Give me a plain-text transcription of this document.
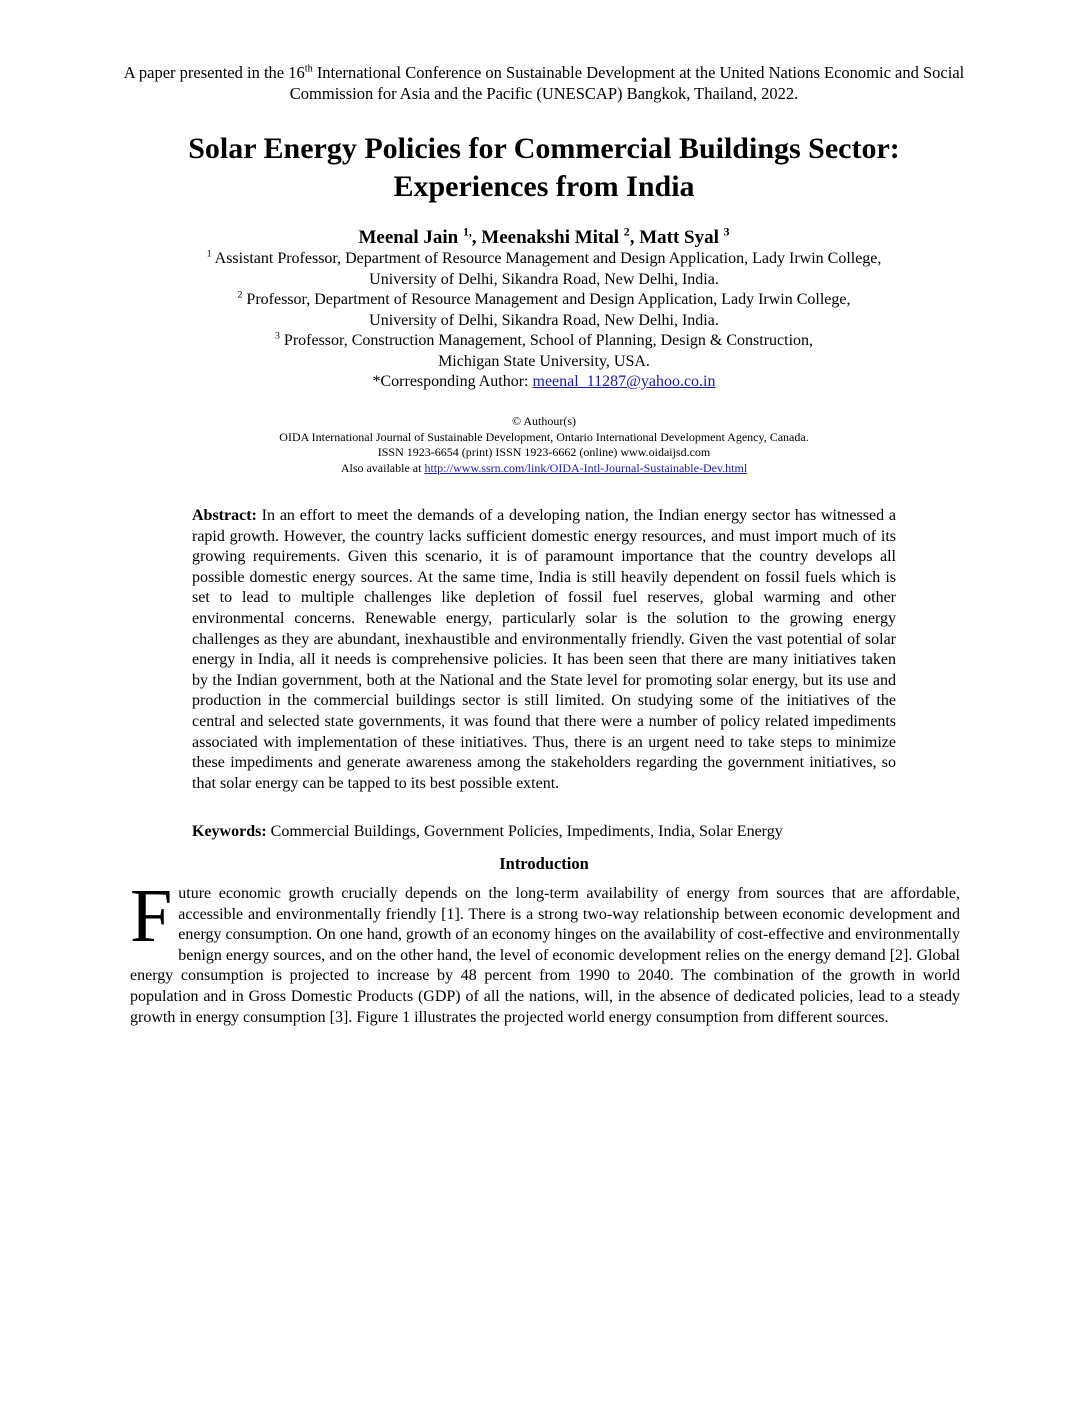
A paper presented in the 16th International Conference on Sustainable Development at the United Nations Economic and Social Commission for Asia and the Pacific (UNESCAP) Bangkok, Thailand, 2022.
Solar Energy Policies for Commercial Buildings Sector:
Experiences from India
Meenal Jain $^{1,}$, Meenakshi Mital $^2$, Matt Syal $^3$

$^1$ Assistant Professor, Department of Resource Management and Design Application, Lady Irwin College,

University of Delhi, Sikandra Road, New Delhi, India.

$^2$ Professor, Department of Resource Management and Design Application, Lady Irwin College,

University of Delhi, Sikandra Road, New Delhi, India.

$^3$ Professor, Construction Management, School of Planning, Design & Construction,

Michigan State University, USA.

*Corresponding Author: meenal_11287@yahoo.co.in

© Authour(s)

OIDA International Journal of Sustainable Development, Ontario International Development Agency, Canada.

ISSN 1923-6654 (print) ISSN 1923-6662 (online) www.oidaijsd.com

Also available at http://www.ssrn.com/link/OIDA-Intl-Journal-Sustainable-Dev.html

Abstract: In an effort to meet the demands of a developing nation, the Indian energy sector has witnessed a rapid growth. However, the country lacks sufficient domestic energy resources, and must import much of its growing requirements. Given this scenario, it is of paramount importance that the country develops all possible domestic energy sources. At the same time, India is still heavily dependent on fossil fuels which is set to lead to multiple challenges like depletion of fossil fuel reserves, global warming and other environmental concerns. Renewable energy, particularly solar is the solution to the growing energy challenges as they are abundant, inexhaustible and environmentally friendly. Given the vast potential of solar energy in India, all it needs is comprehensive policies. It has been seen that there are many initiatives taken by the Indian government, both at the National and the State level for promoting solar energy, but its use and production in the commercial buildings sector is still limited. On studying some of the initiatives of the central and selected state governments, it was found that there were a number of policy related impediments associated with implementation of these initiatives. Thus, there is an urgent need to take steps to minimize these impediments and generate awareness among the stakeholders regarding the government initiatives, so that solar energy can be tapped to its best possible extent.

Keywords: Commercial Buildings, Government Policies, Impediments, India, Solar Energy

Introduction

Future economic growth crucially depends on the long-term availability of energy from sources that are affordable, accessible and environmentally friendly [1]. There is a strong two-way relationship between economic development and energy consumption. On one hand, growth of an economy hinges on the availability of cost-effective and environmentally benign energy sources, and on the other hand, the level of economic development relies on the energy demand [2]. Global energy consumption is projected to increase by 48 percent from 1990 to 2040. The combination of the growth in world population and in Gross Domestic Products (GDP) of all the nations, will, in the absence of dedicated policies, lead to a steady growth in energy consumption [3]. Figure 1 illustrates the projected world energy consumption from different sources.
